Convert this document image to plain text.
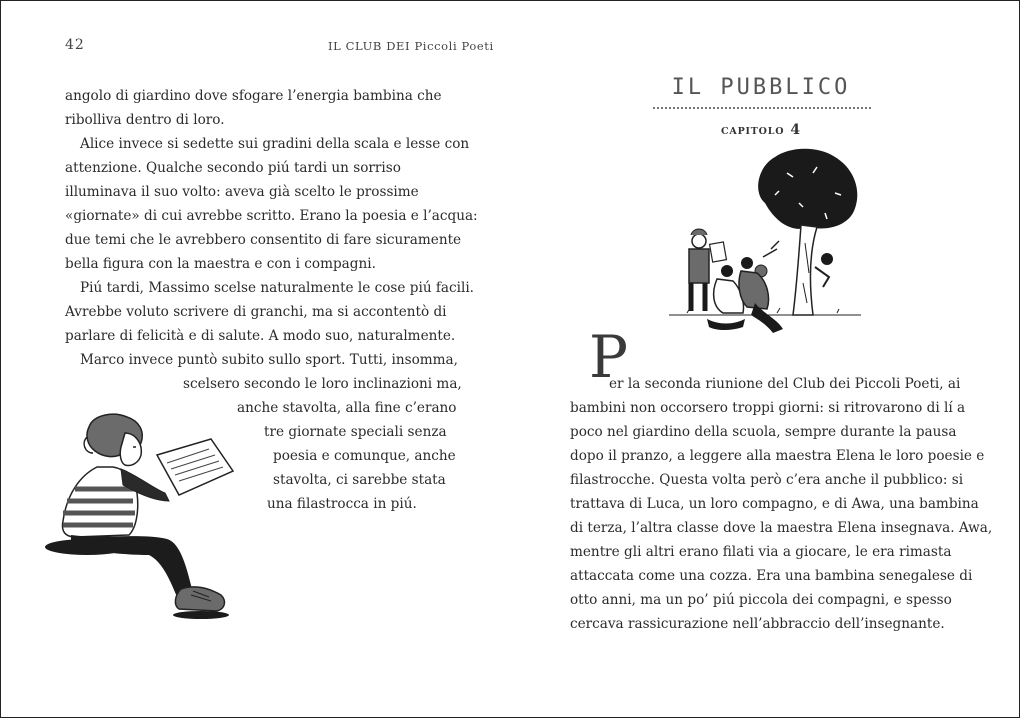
42	IL CLUB DEI Piccoli Poeti
angolo di giardino dove sfogare l’energia bambina che
ribolliva dentro di loro.
Alice invece si sedette sui gradini della scala e lesse con
attenzione. Qualche secondo piú tardi un sorriso
illuminava il suo volto: aveva già scelto le prossime
«giornate» di cui avrebbe scritto. Erano la poesia e l’acqua:
due temi che le avrebbero consentito di fare sicuramente
bella figura con la maestra e con i compagni.
Piú tardi, Massimo scelse naturalmente le cose piú facili.
Avrebbe voluto scrivere di granchi, ma si accontentò di
parlare di felicità e di salute. A modo suo, naturalmente.
Marco invece puntò subito sullo sport. Tutti, insomma,
scelsero secondo le loro inclinazioni ma,
anche stavolta, alla fine c’erano
tre giornate speciali senza
poesia e comunque, anche
stavolta, ci sarebbe stata
una filastrocca in piú.
IL PUBBLICO
CAPITOLO 4
P
er la seconda riunione del Club dei Piccoli Poeti, ai
bambini non occorsero troppi giorni: si ritrovarono di lí a
poco nel giardino della scuola, sempre durante la pausa
dopo il pranzo, a leggere alla maestra Elena le loro poesie e
filastrocche. Questa volta però c’era anche il pubblico: si
trattava di Luca, un loro compagno, e di Awa, una bambina
di terza, l’altra classe dove la maestra Elena insegnava. Awa,
mentre gli altri erano filati via a giocare, le era rimasta
attaccata come una cozza. Era una bambina senegalese di
otto anni, ma un po’ piú piccola dei compagni, e spesso
cercava rassicurazione nell’abbraccio dell’insegnante.
